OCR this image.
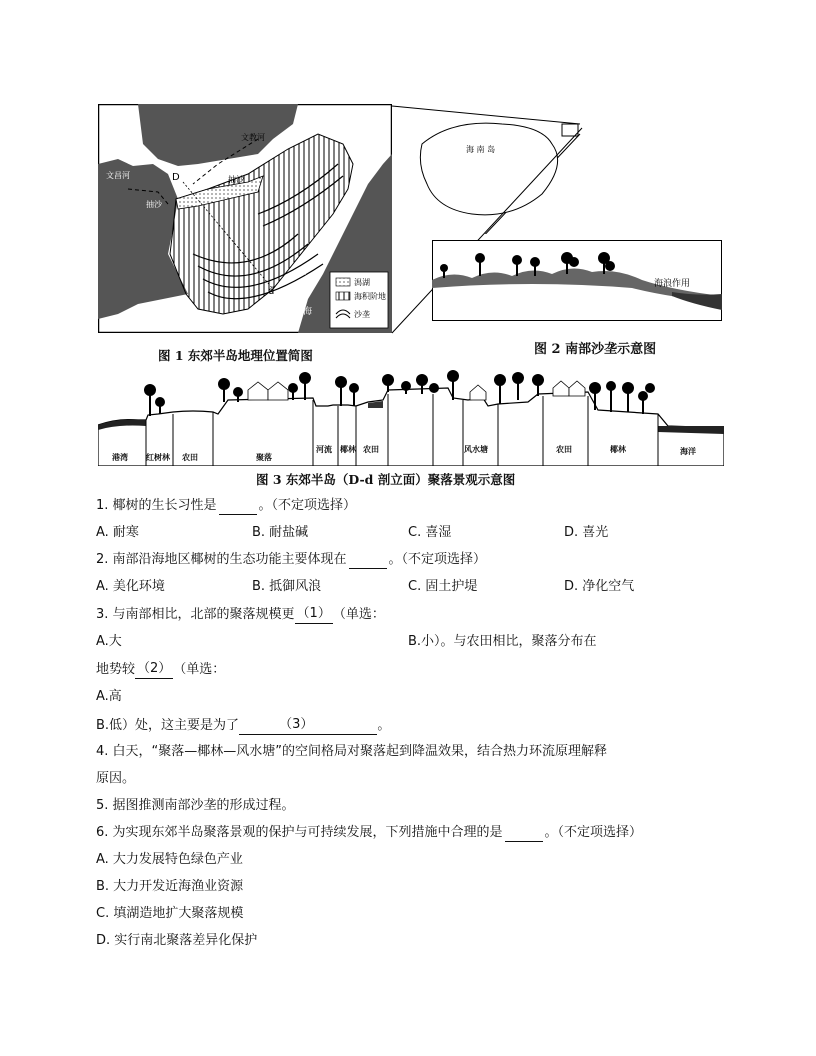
文教河
文昌河	D
d
抽沙
抽沙
南
海
潟湖
海积阶地
沙垄
海 南 岛
图 1 东郊半岛地理位置简图
海浪作用
图 2 南部沙垄示意图
港湾 红树林 农田	聚落
河流 椰林 农田	风水塘	农田	椰林	海洋
图 3 东郊半岛（D-d 剖立面）聚落景观示意图
1. 椰树的生长习性是	。（不定项选择）
A. 耐寒	B. 耐盐碱	C. 喜湿	D. 喜光
2. 南部沿海地区椰树的生态功能主要体现在	。（不定项选择）
A. 美化环境	B. 抵御风浪	C. 固土护堤	D. 净化空气
3. 与南部相比，北部的聚落规模更 （1） （单选：
A.大	B.小）。与农田相比，聚落分布在
地势较 （2） （单选：
A.高
B.低）处，这主要是为了	（3）	。
4. 白天，“聚落—椰林—风水塘”的空间格局对聚落起到降温效果，结合热力环流原理解释
原因。
5. 据图推测南部沙垄的形成过程。
6. 为实现东郊半岛聚落景观的保护与可持续发展，下列措施中合理的是	。（不定项选择）
A. 大力发展特色绿色产业
B. 大力开发近海渔业资源
C. 填湖造地扩大聚落规模
D. 实行南北聚落差异化保护
